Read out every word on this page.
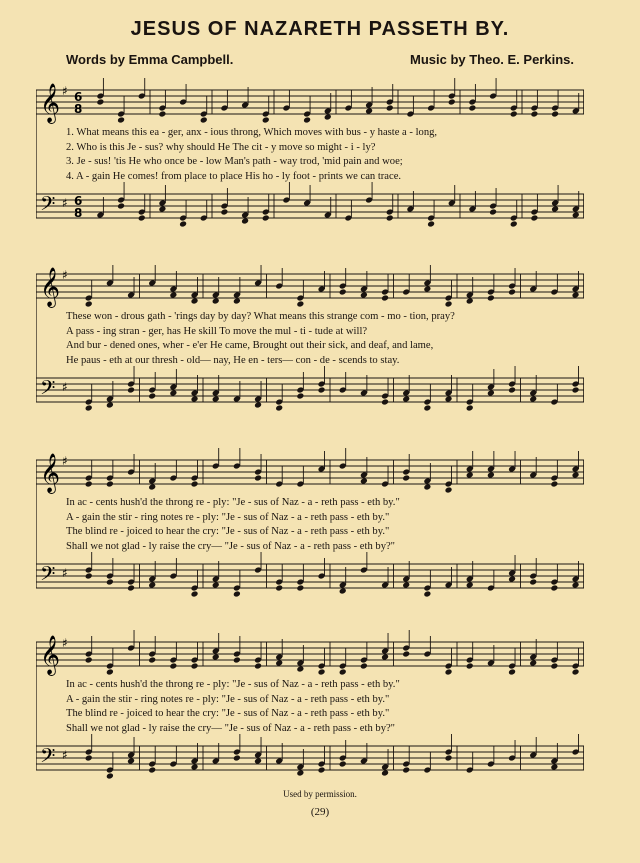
JESUS OF NAZARETH PASSETH BY.
Words by Emma Campbell.	Music by Theo. E. Perkins.
𝄞 ♯ 6
8
𝄢 ♯ 6
8
1. What means this ea - ger, anx - ious throng, Which moves with bus - y haste a - long,
2. Who is this Je - sus? why should He The cit - y move so might - i - ly?
3. Je - sus! 'tis He who once be - low Man's path - way trod, 'mid pain and woe;
4. A - gain He comes! from place to place His ho - ly foot - prints we can trace.
𝄞 ♯
𝄢 ♯
These won - drous gath - 'rings day by day? What means this strange com - mo - tion, pray?
A pass - ing stran - ger, has He skill To move the mul - ti - tude at will?
And bur - dened ones, wher - e'er He came, Brought out their sick, and deaf, and lame,
He paus - eth at our thresh - old— nay, He en - ters— con - de - scends to stay.
𝄞 ♯
𝄢 ♯
In ac - cents hush'd the throng re - ply: "Je - sus of Naz - a - reth pass - eth by."
A - gain the stir - ring notes re - ply: "Je - sus of Naz - a - reth pass - eth by."
The blind re - joiced to hear the cry: "Je - sus of Naz - a - reth pass - eth by."
Shall we not glad - ly raise the cry— "Je - sus of Naz - a - reth pass - eth by?"
𝄞 ♯
𝄢 ♯
In ac - cents hush'd the throng re - ply: "Je - sus of Naz - a - reth pass - eth by."
A - gain the stir - ring notes re - ply: "Je - sus of Naz - a - reth pass - eth by."
The blind re - joiced to hear the cry: "Je - sus of Naz - a - reth pass - eth by."
Shall we not glad - ly raise the cry— "Je - sus of Naz - a - reth pass - eth by?"
Used by permission.
(29)
